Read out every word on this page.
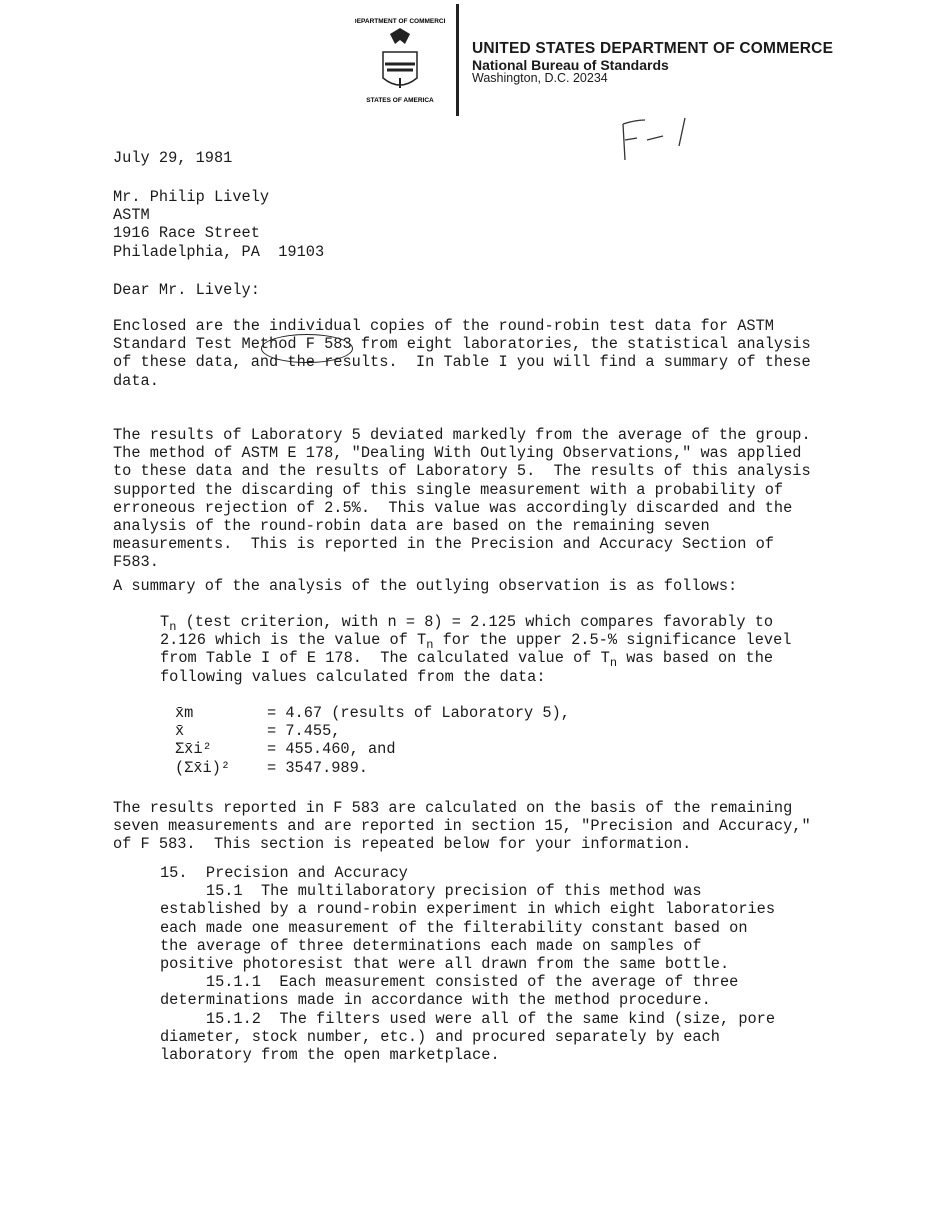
DEPARTMENT OF COMMERCE
STATES OF AMERICA
UNITED STATES DEPARTMENT OF COMMERCE
National Bureau of Standards
Washington, D.C. 20234
July 29, 1981
Mr. Philip Lively
ASTM
1916 Race Street
Philadelphia, PA  19103
Dear Mr. Lively:
Enclosed are the individual copies of the round-robin test data for ASTM
Standard Test Method F 583 from eight laboratories, the statistical analysis
of these data, and the results.  In Table I you will find a summary of these
data.
The results of Laboratory 5 deviated markedly from the average of the group.
The method of ASTM E 178, "Dealing With Outlying Observations," was applied
to these data and the results of Laboratory 5.  The results of this analysis
supported the discarding of this single measurement with a probability of
erroneous rejection of 2.5%.  This value was accordingly discarded and the
analysis of the round-robin data are based on the remaining seven
measurements.  This is reported in the Precision and Accuracy Section of
F583.
A summary of the analysis of the outlying observation is as follows:
$T_n$ (test criterion, with n = 8) = 2.125 which compares favorably to
2.126 which is the value of $T_n$ for the upper 2.5-% significance level
from Table I of E 178.  The calculated value of $T_n$ was based on the
following values calculated from the data:
x̄m	= 4.67 (results of Laboratory 5),
x̄	= 7.455,
Σx̄i²	= 455.460, and
(Σx̄i)² = 3547.989.
The results reported in F 583 are calculated on the basis of the remaining
seven measurements and are reported in section 15, "Precision and Accuracy,"
of F 583.  This section is repeated below for your information.
15.  Precision and Accuracy
15.1  The multilaboratory precision of this method was
established by a round-robin experiment in which eight laboratories
each made one measurement of the filterability constant based on
the average of three determinations each made on samples of
positive photoresist that were all drawn from the same bottle.
15.1.1  Each measurement consisted of the average of three
determinations made in accordance with the method procedure.
15.1.2  The filters used were all of the same kind (size, pore
diameter, stock number, etc.) and procured separately by each
laboratory from the open marketplace.
